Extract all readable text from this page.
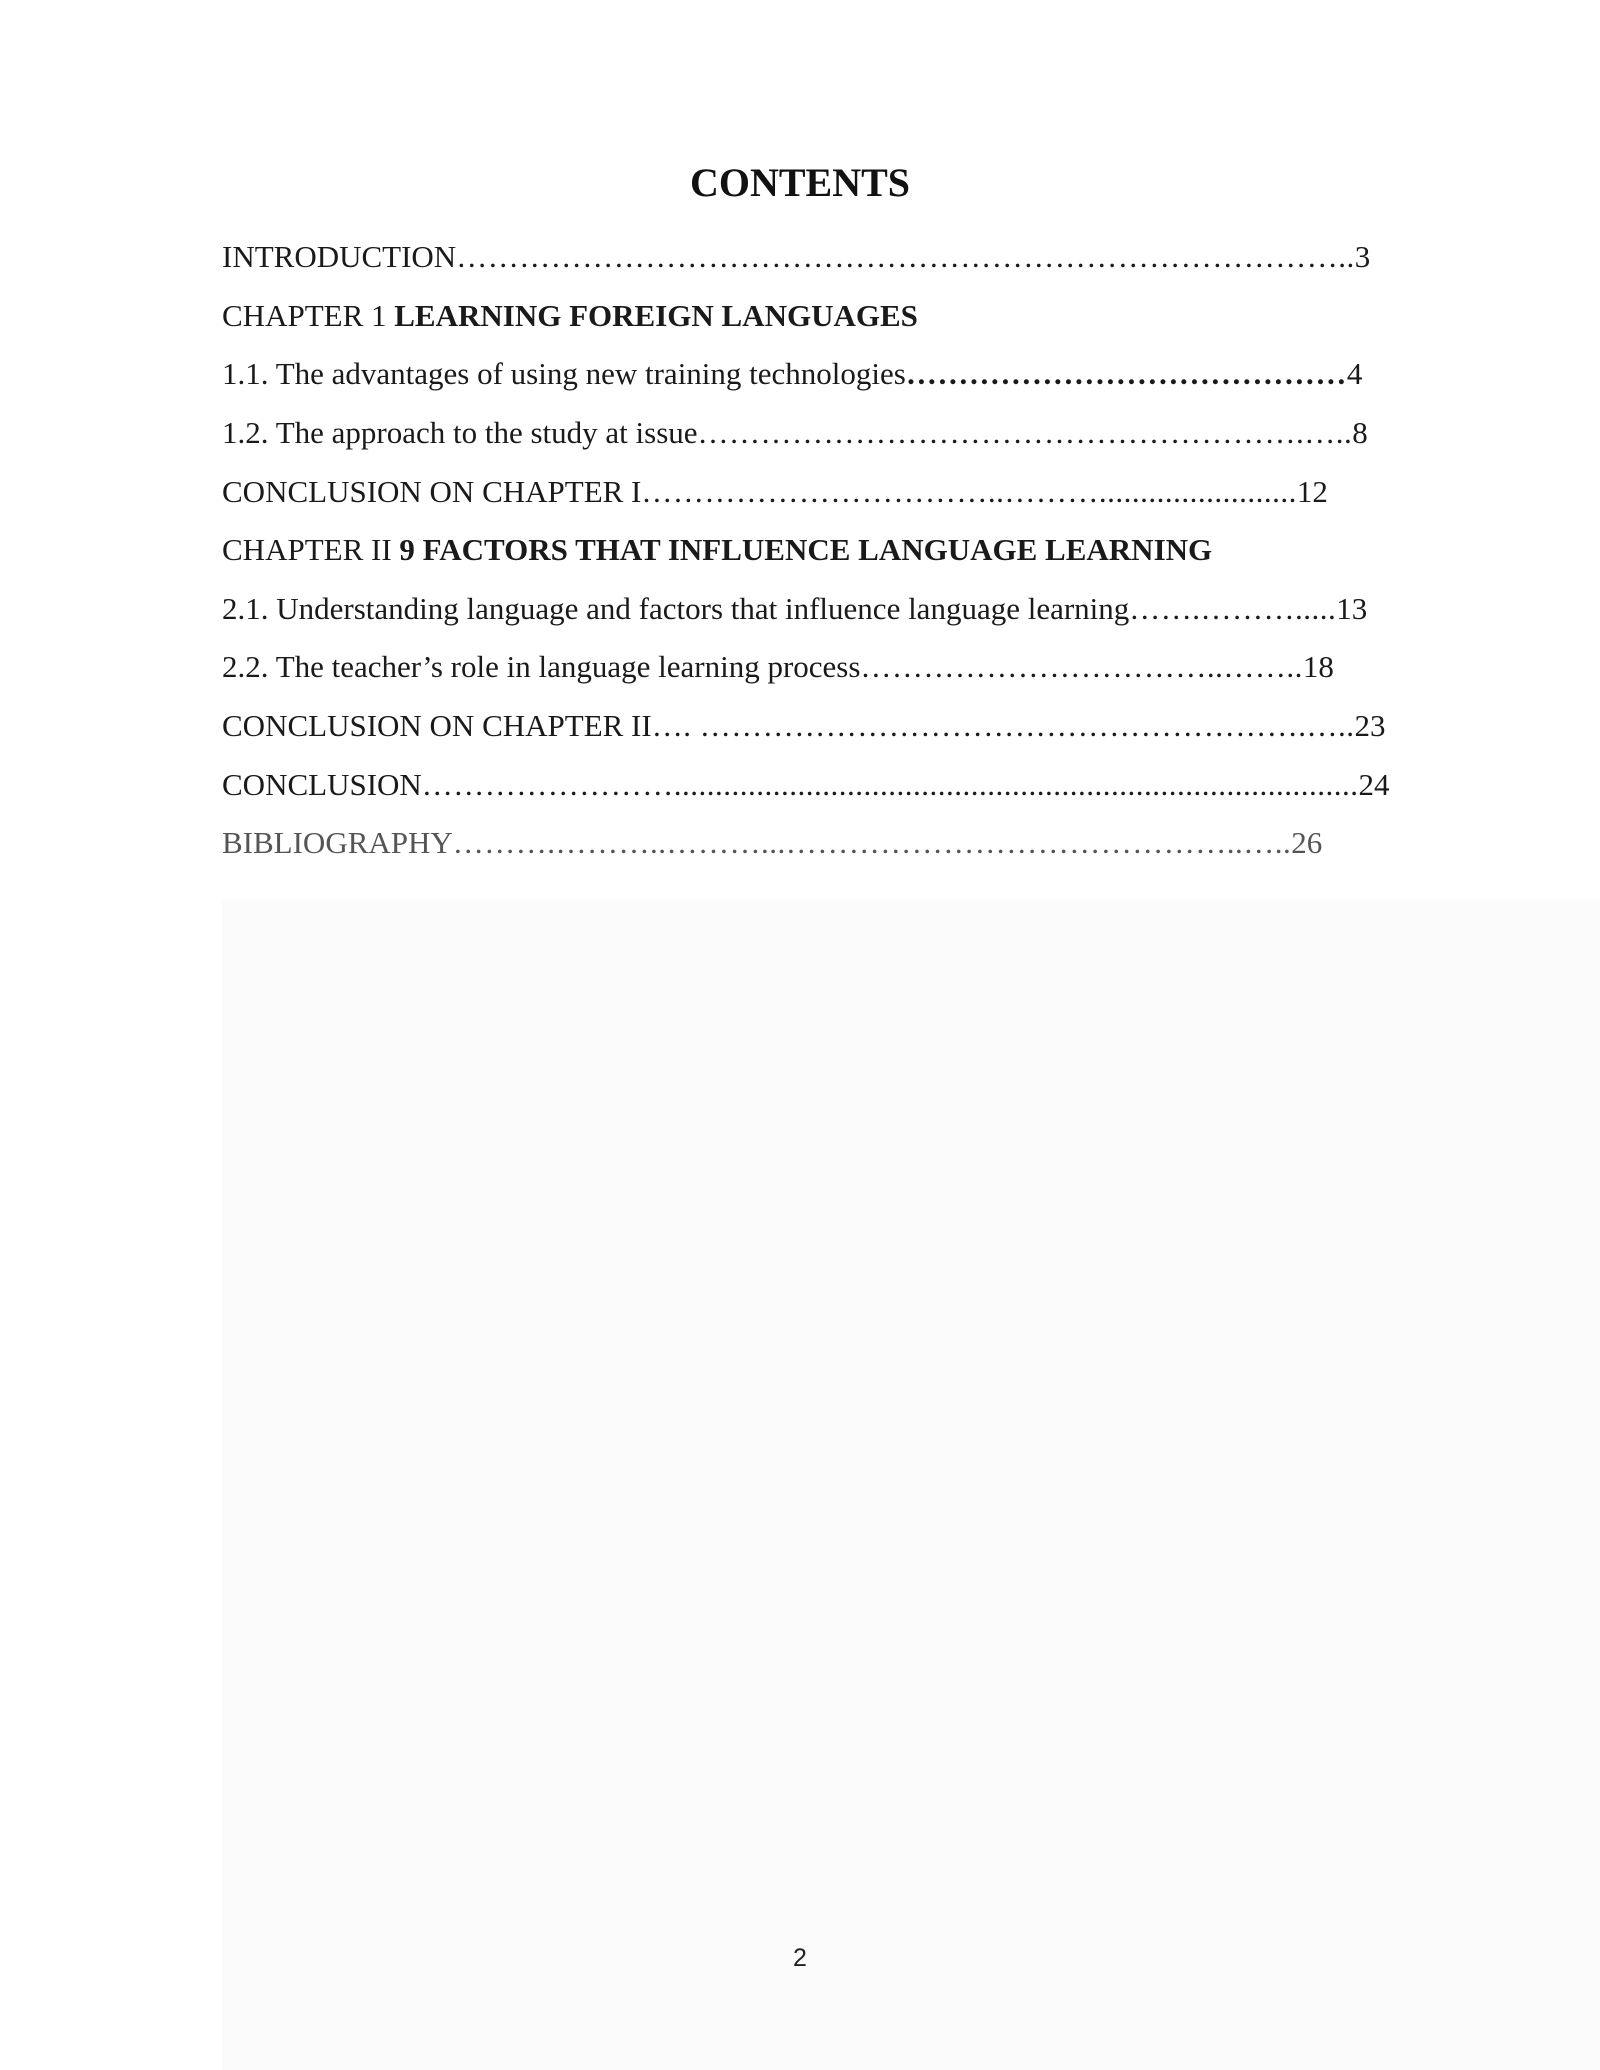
CONTENTS
INTRODUCTION ………………………………………………………………………….. 3
CHAPTER 1 LEARNING FOREIGN LANGUAGES
1.1. The advantages of using new training technologies …………………………………… 4
1.2. The approach to the study at issue ………………………………………………….….. 8
CONCLUSION ON CHAPTER I ……………………………..………........................ 12
CHAPTER II 9 FACTORS THAT INFLUENCE LANGUAGE LEARNING
2.1. Understanding language and factors that influence language learning …….………..... 13
2.2. The teacher’s role in language learning process ……………………………..…….. 18
CONCLUSION ON CHAPTER II …. ………………………………………………….….. 23
CONCLUSION ……………………................................................................................... 24
BIBLIOGRAPHY ……….………..………...……………………………………..….. 26
2
